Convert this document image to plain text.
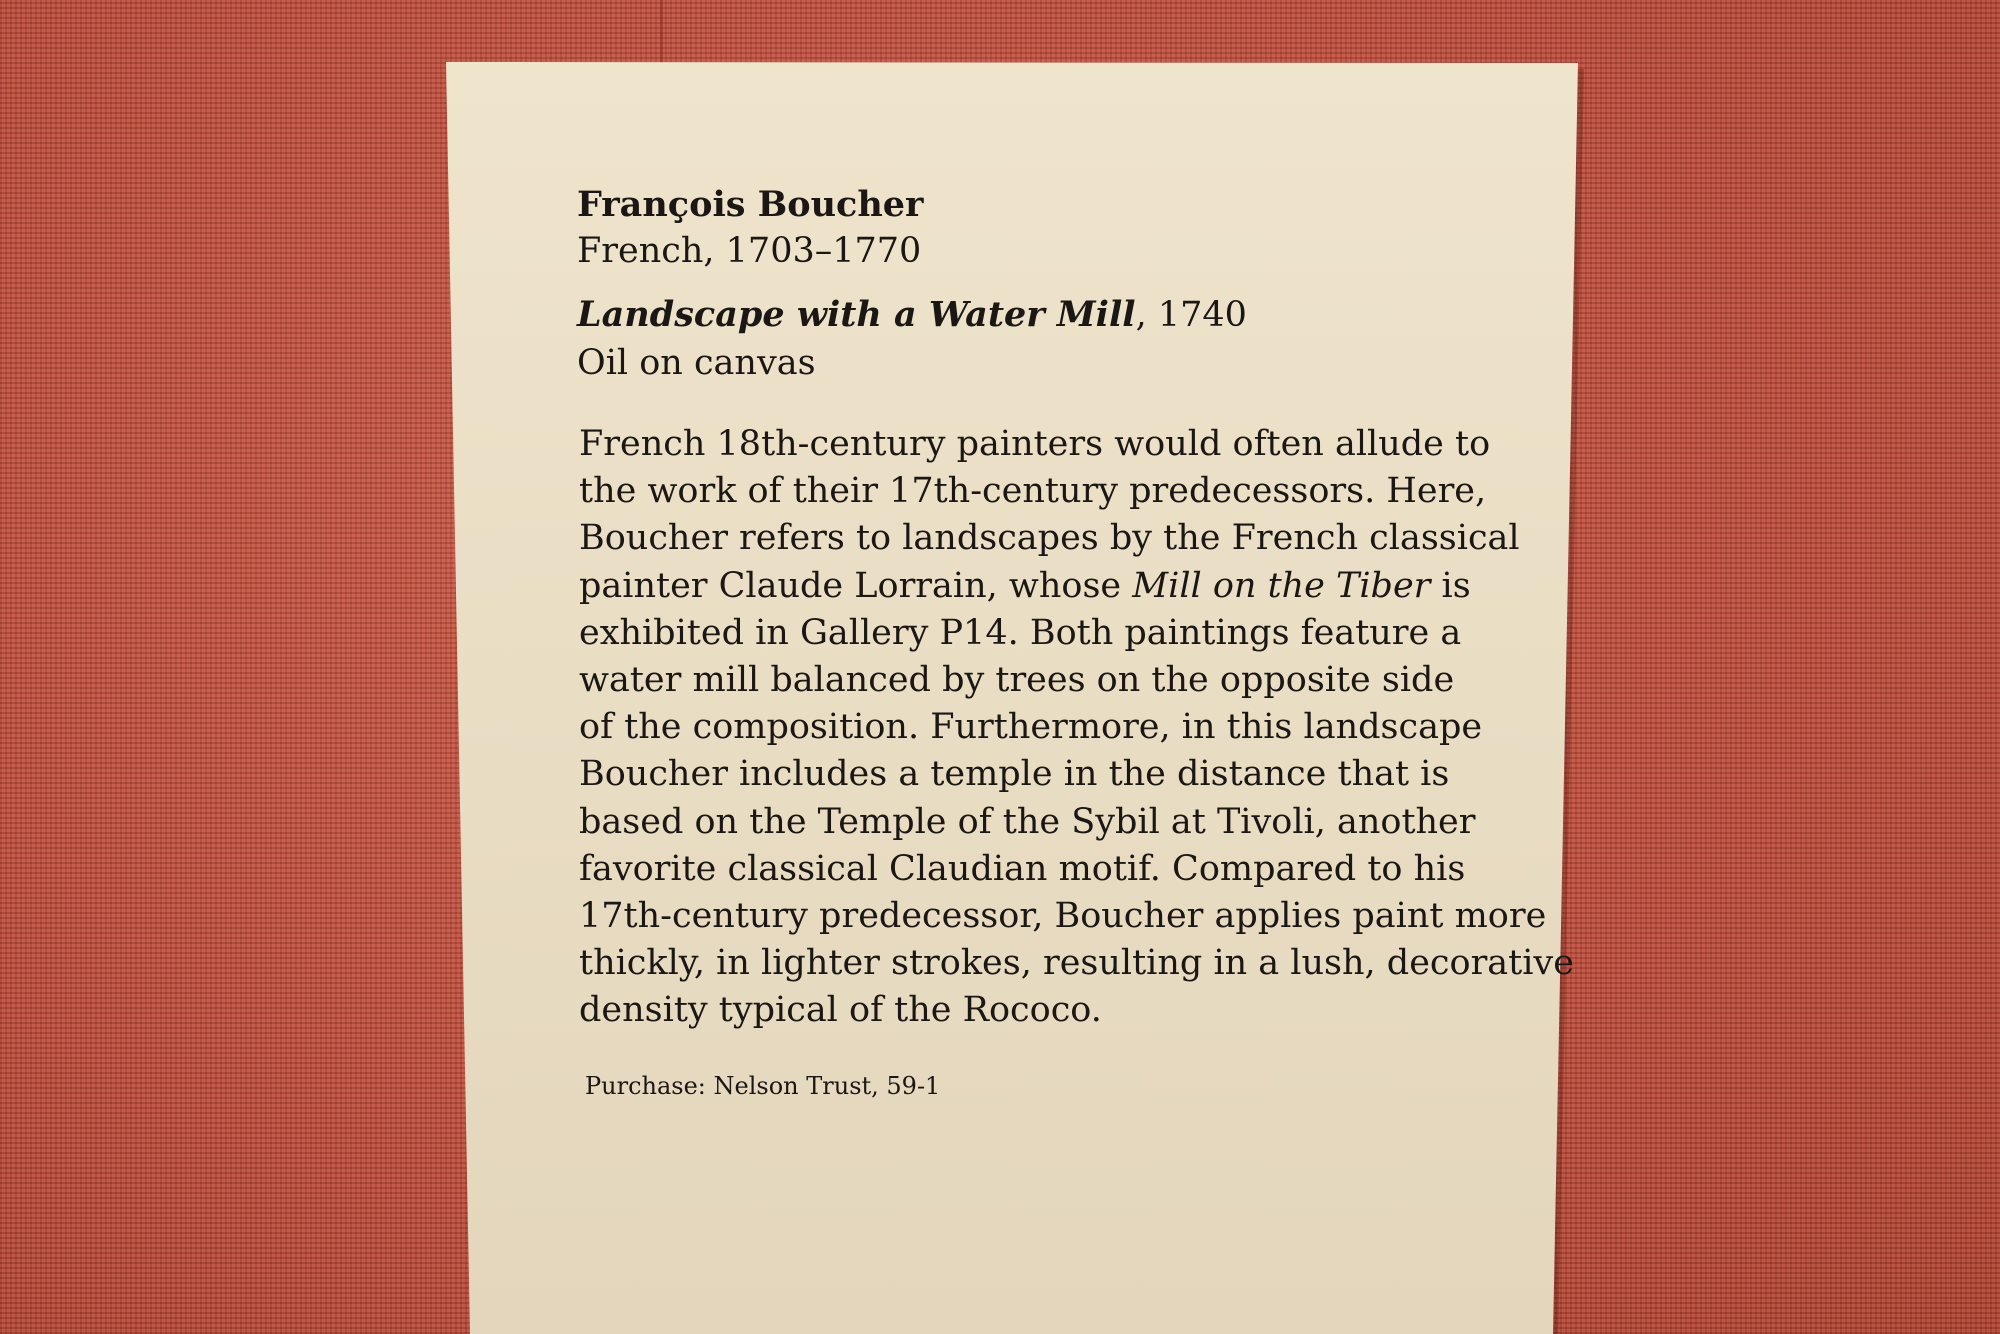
François Boucher

French, 1703–1770

Landscape with a Water Mill, 1740

Oil on canvas

French 18th-century painters would often allude to

the work of their 17th-century predecessors. Here,

Boucher refers to landscapes by the French classical

painter Claude Lorrain, whose Mill on the Tiber is

exhibited in Gallery P14. Both paintings feature a

water mill balanced by trees on the opposite side

of the composition. Furthermore, in this landscape

Boucher includes a temple in the distance that is

based on the Temple of the Sybil at Tivoli, another

favorite classical Claudian motif. Compared to his

17th-century predecessor, Boucher applies paint more

thickly, in lighter strokes, resulting in a lush, decorative

density typical of the Rococo.

Purchase: Nelson Trust, 59-1
